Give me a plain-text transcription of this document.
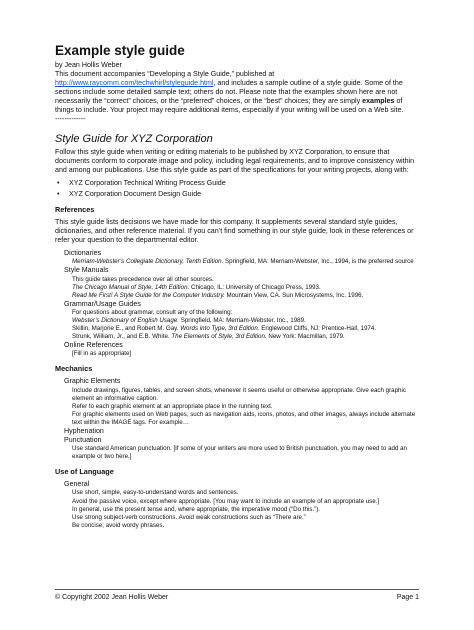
Example style guide

by Jean Hollis Weber

This document accompanies “Developing a Style Guide,” published at
http://www.raycomm.com/techwhirl/styleguide.html, and includes a sample outline of a style guide. Some of the sections include some detailed sample text; others do not. Please note that the examples shown here are not necessarily the “correct” choices, or the “preferred” choices, or the “best” choices; they are simply examples of things to include. Your project may require additional items, especially if your writing will be used on a Web site.

-------------

Style Guide for XYZ Corporation

Follow this style guide when writing or editing materials to be published by XYZ Corporation, to ensure that documents conform to corporate image and policy, including legal requirements, and to improve consistency within and among our publications. Use this style guide as part of the specifications for your writing projects, along with:

• XYZ Corporation Technical Writing Process Guide
• XYZ Corporation Document Design Guide
References

This style guide lists decisions we have made for this company. It supplements several standard style guides, dictionaries, and other reference material. If you can’t find something in our style guide, look in these references or refer your question to the departmental editor.

Dictionaries

Merriam-Webster’s Collegiate Dictionary, Tenth Edition. Springfield, MA: Merriam-Webster, Inc., 1994, is the preferred source

Style Manuals

This guide takes precedence over all other sources.

The Chicago Manual of Style, 14th Edition. Chicago, IL: University of Chicago Press, 1993.

Read Me First! A Style Guide for the Computer Industry. Mountain View, CA. Sun Microsystems, Inc. 1996.

Grammar/Usage Guides

For questions about grammar, consult any of the following:

Webster’s Dictionary of English Usage. Springfield, MA: Merriam-Webster, Inc., 1989.

Skillin, Marjorie E., and Robert M. Gay. Words into Type, 3rd Edition. Englewood Cliffs, NJ: Prentice-Hall, 1974.

Strunk, William, Jr., and E.B. White. The Elements of Style, 3rd Edition. New York: Macmillan, 1979.

Online References

[Fill in as appropriate]

Mechanics

Graphic Elements

Include drawings, figures, tables, and screen shots, whenever it seems useful or otherwise appropriate. Give each graphic element an informative caption.

Refer to each graphic element at an appropriate place in the running text.

For graphic elements used on Web pages, such as navigation aids, icons, photos, and other images, always include alternate text within the IMAGE tags. For example…

Hyphenation

Punctuation

Use standard American punctuation. [If some of your writers are more used to British punctuation, you may need to add an example or two here.]

Use of Language

General

Use short, simple, easy-to-understand words and sentences.

Avoid the passive voice, except where appropriate. [You may want to include an example of an appropriate use.]

In general, use the present tense and, where appropriate, the imperative mood (“Do this.”).

Use strong subject-verb constructions. Avoid weak constructions such as “There are.”

Be concise; avoid wordy phrases.

© Copyright 2002 Jean Hollis Weber	Page 1
